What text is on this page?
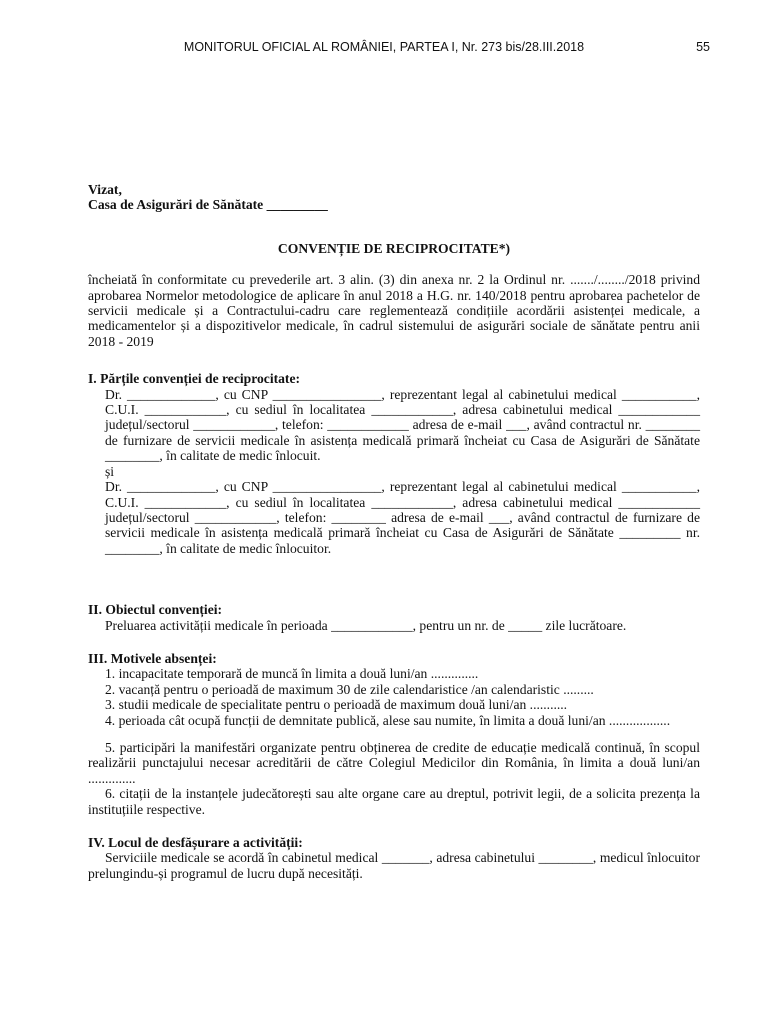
MONITORUL OFICIAL AL ROMÂNIEI, PARTEA I, Nr. 273 bis/28.III.2018	55

Vizat,

Casa de Asigurări de Sănătate _________

CONVENȚIE DE RECIPROCITATE*)

încheiată în conformitate cu prevederile art. 3 alin. (3) din anexa nr. 2 la Ordinul nr. ......./......../2018 privind aprobarea Normelor metodologice de aplicare în anul 2018 a H.G. nr. 140/2018 pentru aprobarea pachetelor de servicii medicale și a Contractului-cadru care reglementează condițiile acordării asistenței medicale, a medicamentelor și a dispozitivelor medicale, în cadrul sistemului de asigurări sociale de sănătate pentru anii 2018 - 2019

I. Părțile convenției de reciprocitate:

Dr. _____________, cu CNP ________________, reprezentant legal al cabinetului medical ___________, C.U.I. ____________, cu sediul în localitatea ____________, adresa cabinetului medical ____________ județul/sectorul ____________, telefon: ____________ adresa de e-mail ___, având contractul nr. ________ de furnizare de servicii medicale în asistența medicală primară încheiat cu Casa de Asigurări de Sănătate ________, în calitate de medic înlocuit.

și

Dr. _____________, cu CNP ________________, reprezentant legal al cabinetului medical ___________, C.U.I. ____________, cu sediul în localitatea ____________, adresa cabinetului medical ____________ județul/sectorul ____________, telefon: ________ adresa de e-mail ___, având contractul de furnizare de servicii medicale în asistența medicală primară încheiat cu Casa de Asigurări de Sănătate _________ nr. ________, în calitate de medic înlocuitor.

II. Obiectul convenției:

Preluarea activității medicale în perioada ____________, pentru un nr. de _____ zile lucrătoare.

III. Motivele absenței:

1. incapacitate temporară de muncă în limita a două luni/an ..............

2. vacanță pentru o perioadă de maximum 30 de zile calendaristice /an calendaristic .........

3. studii medicale de specialitate pentru o perioadă de maximum două luni/an ...........

4. perioada cât ocupă funcții de demnitate publică, alese sau numite, în limita a două luni/an ..................

5. participări la manifestări organizate pentru obținerea de credite de educație medicală continuă, în scopul realizării punctajului necesar acreditării de către Colegiul Medicilor din România, în limita a două luni/an ..............

6. citații de la instanțele judecătorești sau alte organe care au dreptul, potrivit legii, de a solicita prezența la instituțiile respective.

IV. Locul de desfășurare a activității:

Serviciile medicale se acordă în cabinetul medical _______, adresa cabinetului ________, medicul înlocuitor prelungindu-și programul de lucru după necesități.
